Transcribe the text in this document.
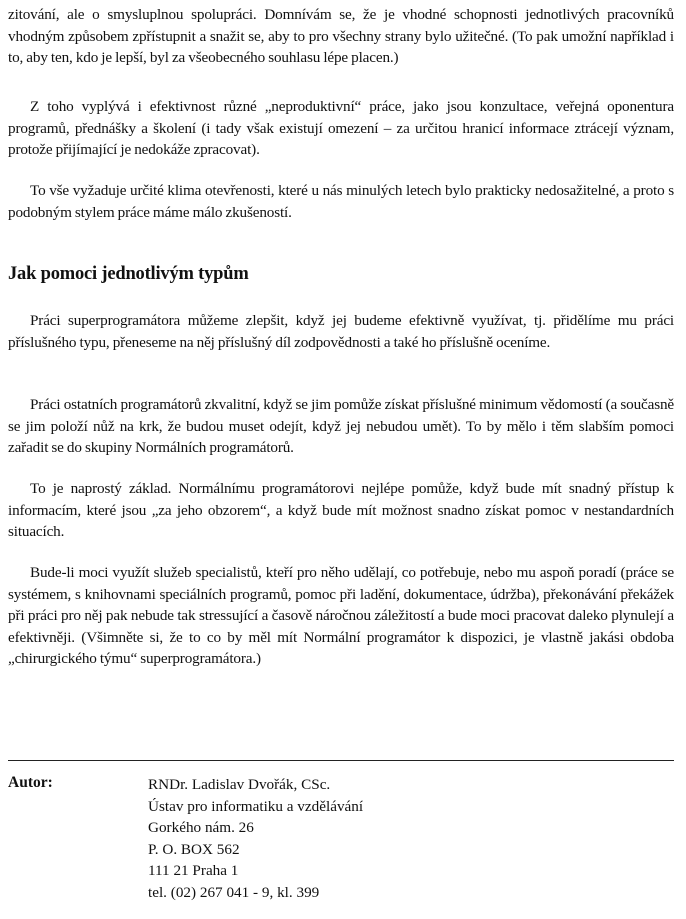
zitování, ale o smysluplnou spolupráci. Domnívám se, že je vhodné schopnosti jednotlivých pracovníků vhodným způsobem zpřístupnit a snažit se, aby to pro všechny strany bylo užitečné. (To pak umožní například i to, aby ten, kdo je lepší, byl za všeobecného souhlasu lépe placen.)

Z toho vyplývá i efektivnost různé „neproduktivní“ práce, jako jsou konzultace, veřejná oponentura programů, přednášky a školení (i tady však existují omezení – za určitou hranicí informace ztrácejí význam, protože přijímající je nedokáže zpracovat).

To vše vyžaduje určité klima otevřenosti, které u nás minulých letech bylo prakticky nedosažitelné, a proto s podobným stylem práce máme málo zkušeností.

Jak pomoci jednotlivým typům

Práci superprogramátora můžeme zlepšit, když jej budeme efektivně využívat, tj. přidělíme mu práci příslušného typu, přeneseme na něj příslušný díl zodpovědnosti a také ho příslušně oceníme.

Práci ostatních programátorů zkvalitní, když se jim pomůže získat příslušné minimum vědomostí (a současně se jim položí nůž na krk, že budou muset odejít, když jej nebudou umět). To by mělo i těm slabším pomoci zařadit se do skupiny Normálních programátorů.

To je naprostý základ. Normálnímu programátorovi nejlépe pomůže, když bude mít snadný přístup k informacím, které jsou „za jeho obzorem“, a když bude mít možnost snadno získat pomoc v nestandardních situacích.

Bude-li moci využít služeb specialistů, kteří pro něho udělají, co potřebuje, nebo mu aspoň poradí (práce se systémem, s knihovnami speciálních programů, pomoc při ladění, dokumentace, údržba), překonávání překážek při práci pro něj pak nebude tak stressující a časově náročnou záležitostí a bude moci pracovat daleko plynulejí a efektivněji. (Všimněte si, že to co by měl mít Normální programátor k dispozici, je vlastně jakási obdoba „chirurgického týmu“ superprogramátora.)

Autor:	RNDr. Ladislav Dvořák, CSc.
Ústav pro informatiku a vzdělávání
Gorkého nám. 26
P. O. BOX 562
111 21 Praha 1
tel. (02) 267 041 - 9, kl. 399
